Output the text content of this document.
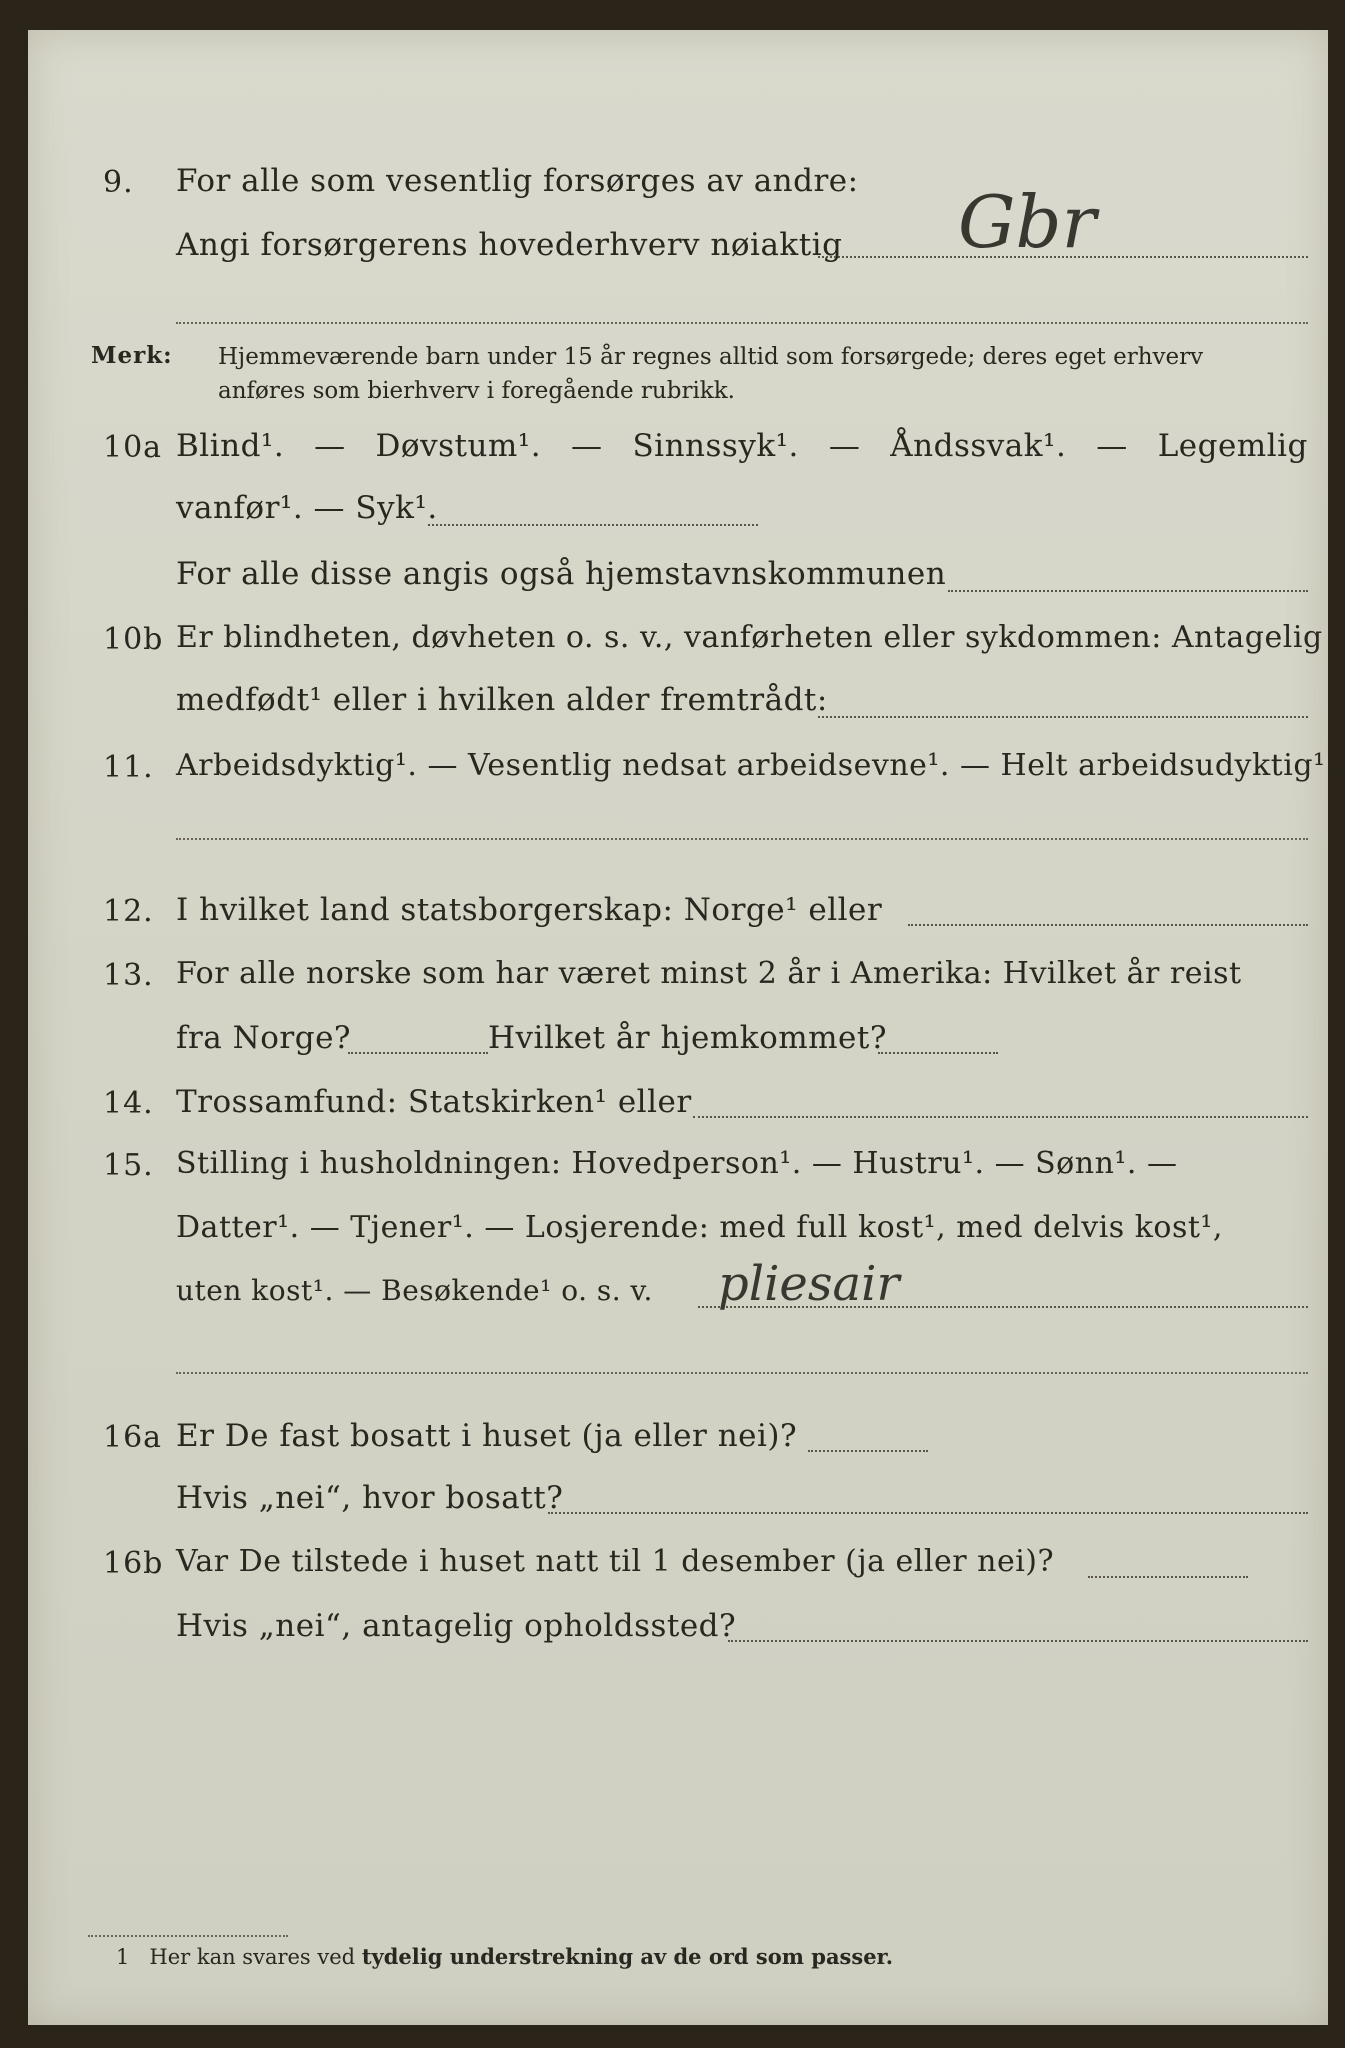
9. For alle som vesentlig forsørges av andre:
Angi forsørgerens hovederhverv nøiaktig Gbr
Merk: Hjemmeværende barn under 15 år regnes alltid som forsørgede; deres eget erhverv
anføres som bierhverv i foregående rubrikk.
10a Blind¹. — Døvstum¹. — Sinnssyk¹. — Åndssvak¹. — Legemlig
vanfør¹. — Syk¹.
For alle disse angis også hjemstavnskommunen
10b Er blindheten, døvheten o. s. v., vanførheten eller sykdommen: Antagelig
medfødt¹ eller i hvilken alder fremtrådt:
11. Arbeidsdyktig¹. — Vesentlig nedsat arbeidsevne¹. — Helt arbeidsudyktig¹.
12. I hvilket land statsborgerskap: Norge¹ eller
13. For alle norske som har været minst 2 år i Amerika: Hvilket år reist
fra Norge?	Hvilket år hjemkommet?
14. Trossamfund: Statskirken¹ eller
15. Stilling i husholdningen: Hovedperson¹. — Hustru¹. — Sønn¹. —
Datter¹. — Tjener¹. — Losjerende: med full kost¹, med delvis kost¹,
uten kost¹. — Besøkende¹ o. s. v. pliesair
16a Er De fast bosatt i huset (ja eller nei)?
Hvis „nei“, hvor bosatt?
16b Var De tilstede i huset natt til 1 desember (ja eller nei)?
Hvis „nei“, antagelig opholdssted?
1 Her kan svares ved tydelig understrekning av de ord som passer.
